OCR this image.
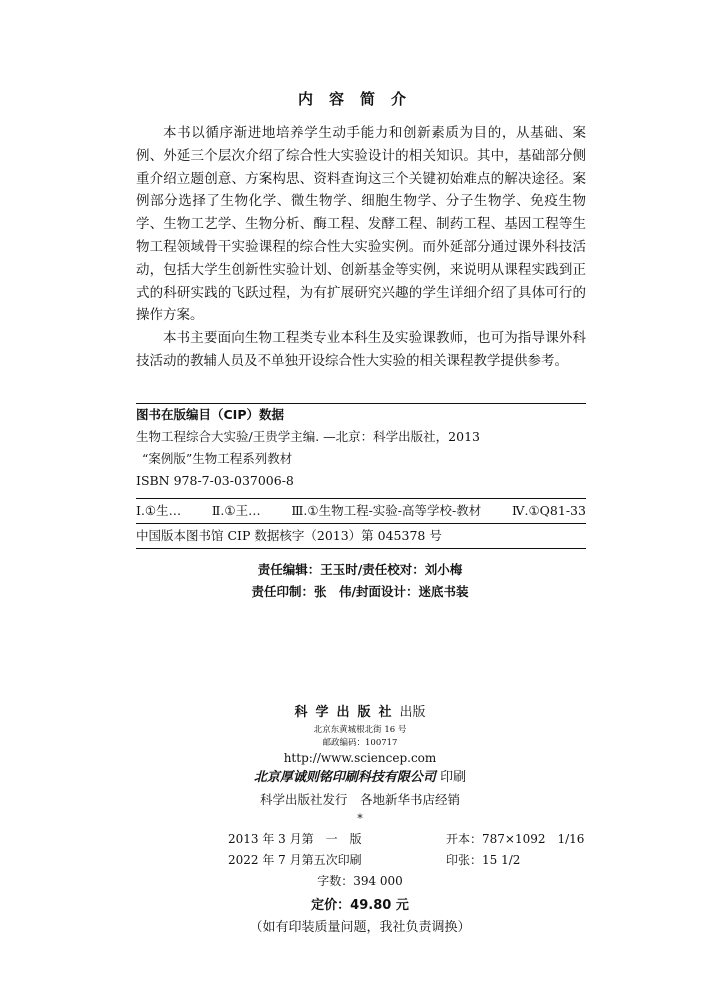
内容简介

本书以循序渐进地培养学生动手能力和创新素质为目的，从基础、案例、外延三个层次介绍了综合性大实验设计的相关知识。其中，基础部分侧重介绍立题创意、方案构思、资料查询这三个关键初始难点的解决途径。案例部分选择了生物化学、微生物学、细胞生物学、分子生物学、免疫生物学、生物工艺学、生物分析、酶工程、发酵工程、制药工程、基因工程等生物工程领域骨干实验课程的综合性大实验实例。而外延部分通过课外科技活动，包括大学生创新性实验计划、创新基金等实例，来说明从课程实践到正式的科研实践的飞跃过程，为有扩展研究兴趣的学生详细介绍了具体可行的操作方案。

本书主要面向生物工程类专业本科生及实验课教师，也可为指导课外科技活动的教辅人员及不单独开设综合性大实验的相关课程教学提供参考。

图书在版编目（CIP）数据
生物工程综合大实验/王贵学主编. —北京：科学出版社，2013
“案例版”生物工程系列教材
ISBN 978-7-03-037006-8
Ⅰ.①生… Ⅱ.①王… Ⅲ.①生物工程-实验-高等学校-教材 Ⅳ.①Q81-33
中国版本图书馆 CIP 数据核字（2013）第 045378 号
责任编辑：王玉时/责任校对：刘小梅
责任印制：张　伟/封面设计：迷底书装
科学出版社出版
北京东黄城根北街 16 号
邮政编码：100717
http://www.sciencep.com
北京厚诚则铭印刷科技有限公司 印刷
科学出版社发行　各地新华书店经销
*
2013 年 3 月第　一　版	开本：787×1092　1/16
2022 年 7 月第五次印刷	印张：15 1/2
字数：394 000
定价：49.80 元
（如有印装质量问题，我社负责调换）
